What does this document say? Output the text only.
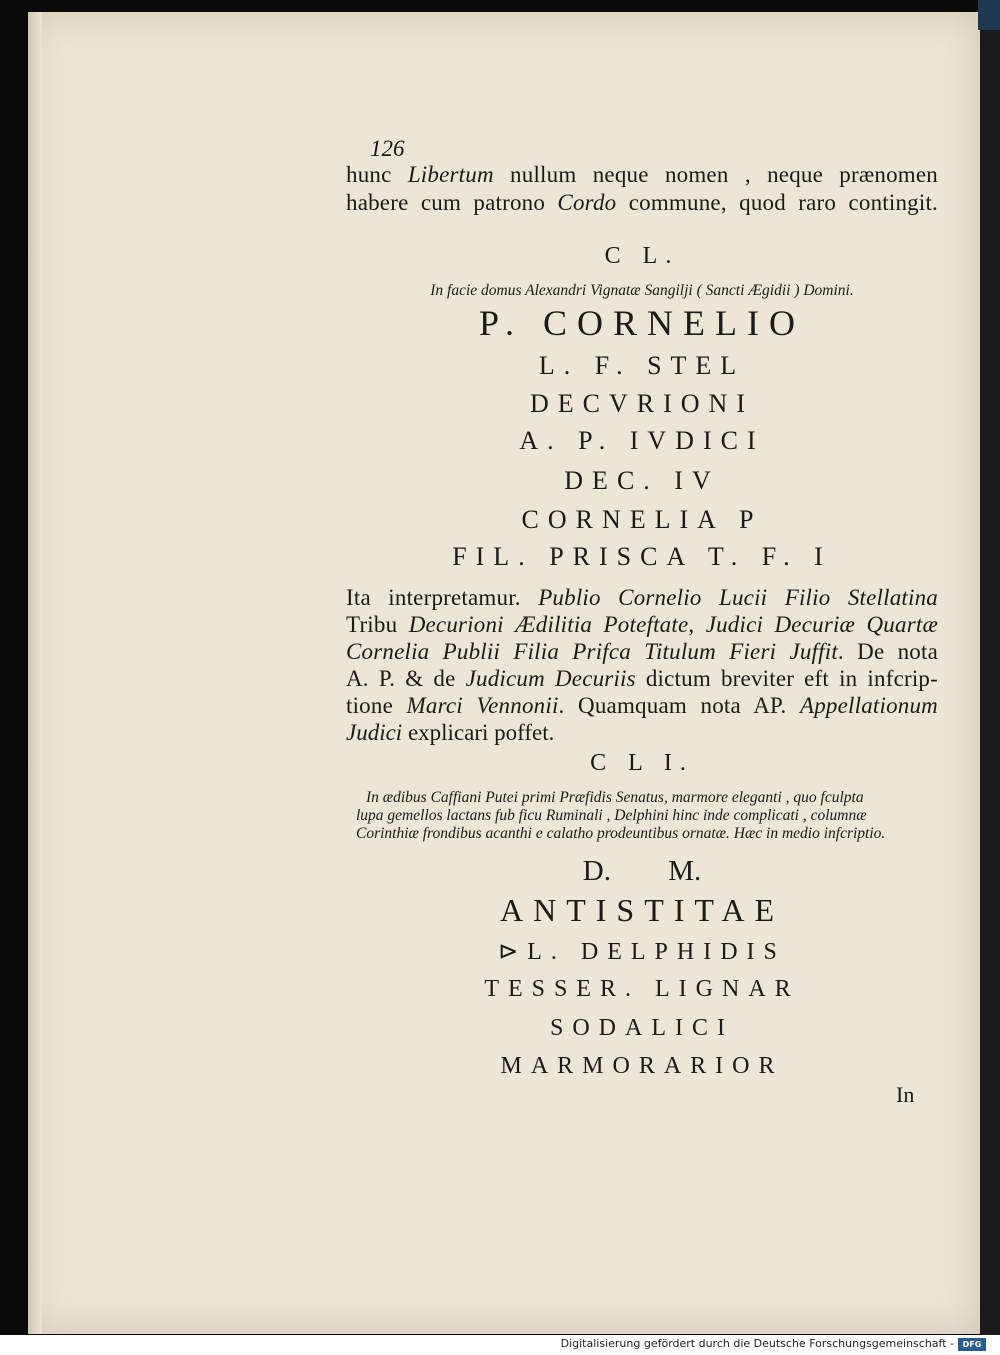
126
hunc Libertum nullum neque nomen , neque prænomen
habere cum patrono Cordo commune, quod raro contingit.
C L.
In facie domus Alexandri Vignatæ Sangilji ( Sancti Ægidii ) Domini.
P. CORNELIO
L. F. STEL
DECVRIONI
A. P. IVDICI
DEC. IV
CORNELIA P
FIL. PRISCA T. F. I
Ita interpretamur. Publio Cornelio Lucii Filio Stellatina
Tribu Decurioni Ædilitia Poteftate, Judici Decuriæ Quartæ
Cornelia Publii Filia Prifca Titulum Fieri Juffit. De nota
A. P. & de Judicum Decuriis dictum breviter eft in infcrip-
tione Marci Vennonii. Quamquam nota AP. Appellationum
Judici explicari poffet.
C L I.
In ædibus Caffiani Putei primi Præfidis Senatus, marmore eleganti , quo fculpta
lupa gemellos lactans fub ficu Ruminali , Delphini hinc inde complicati , columnæ
Corinthiæ frondibus acanthi e calatho prodeuntibus ornatæ. Hæc in medio infcriptio.
D. M.
ANTISTITAE
⊳L. DELPHIDIS
TESSER. LIGNAR
SODALICI
MARMORARIOR
In
Digitalisierung gefördert durch die Deutsche Forschungsgemeinschaft -	DFG
